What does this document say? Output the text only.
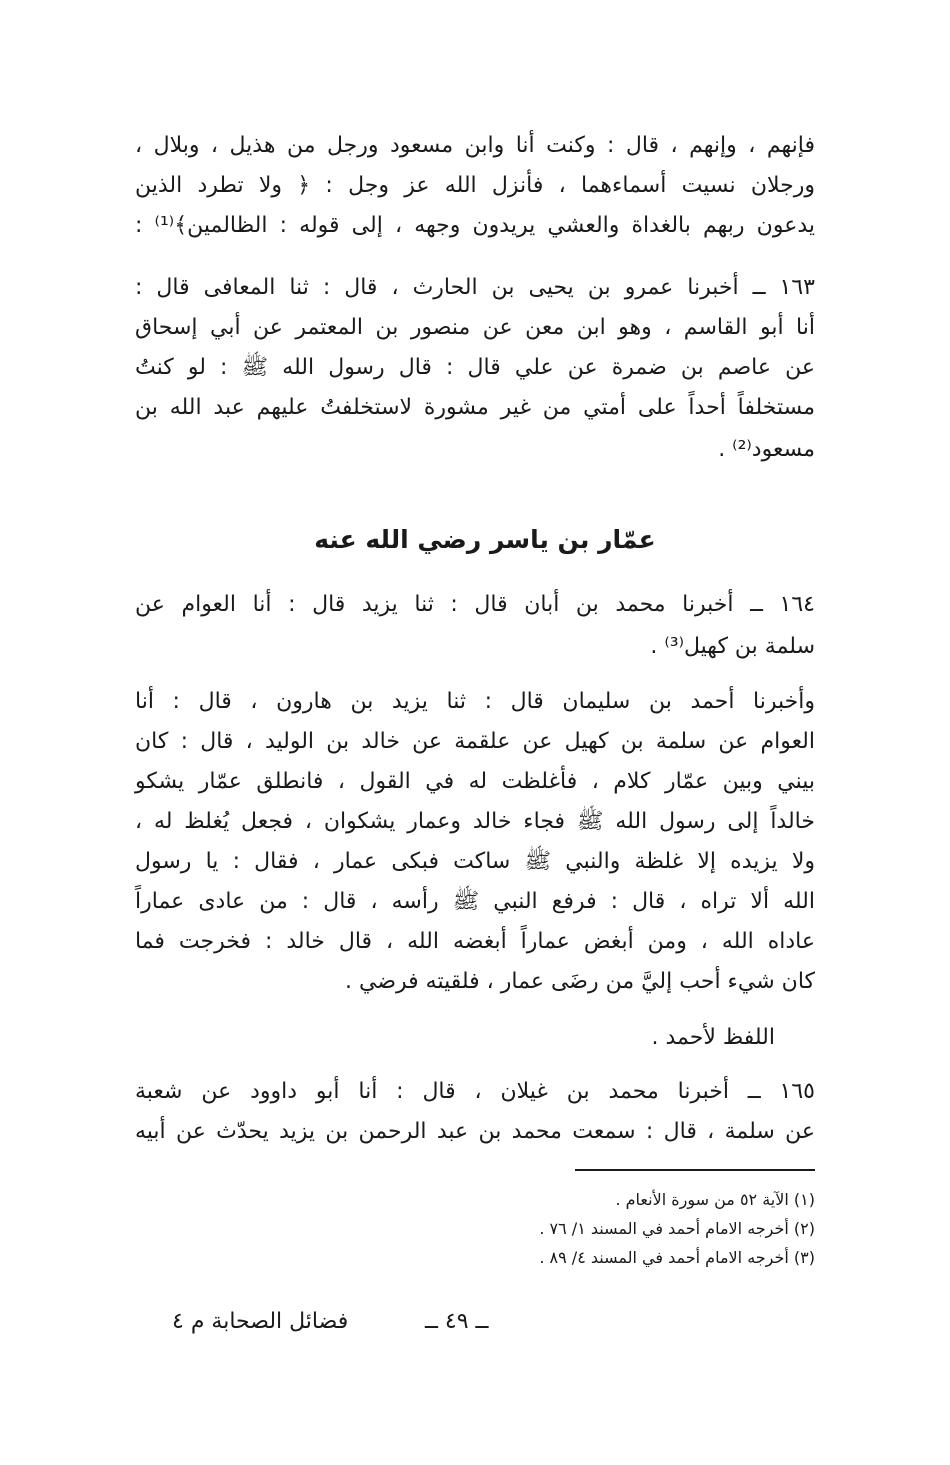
فإنهم ، وإنهم ، قال : وكنت أنا وابن مسعود ورجل من هذيل ، وبلال ،
ورجلان نسيت أسماءهما ، فأنزل الله عز وجل : ﴿ ولا تطرد الذين
يدعون ربهم بالغداة والعشي يريدون وجهه ، إلى قوله : الظالمين﴾⁽¹⁾ :
١٦٣ ــ أخبرنا عمرو بن يحيى بن الحارث ، قال : ثنا المعافى قال :
أنا أبو القاسم ، وهو ابن معن عن منصور بن المعتمر عن أبي إسحاق
عن عاصم بن ضمرة عن علي قال : قال رسول الله ﷺ : لو كنتُ
مستخلفاً أحداً على أمتي من غير مشورة لاستخلفتُ عليهم عبد الله بن
مسعود⁽²⁾ .
عمّار بن ياسر رضي الله عنه
١٦٤ ــ أخبرنا محمد بن أبان قال : ثنا يزيد قال : أنا العوام عن
سلمة بن كهيل⁽³⁾ .
وأخبرنا أحمد بن سليمان قال : ثنا يزيد بن هارون ، قال : أنا
العوام عن سلمة بن كهيل عن علقمة عن خالد بن الوليد ، قال : كان
بيني وبين عمّار كلام ، فأغلظت له في القول ، فانطلق عمّار يشكو
خالداً إلى رسول الله ﷺ فجاء خالد وعمار يشكوان ، فجعل يُغلظ له ،
ولا يزيده إلا غلظة والنبي ﷺ ساكت فبكى عمار ، فقال : يا رسول
الله ألا تراه ، قال : فرفع النبي ﷺ رأسه ، قال : من عادى عماراً
عاداه الله ، ومن أبغض عماراً أبغضه الله ، قال خالد : فخرجت فما
كان شيء أحب إليَّ من رضَى عمار ، فلقيته فرضي .
اللفظ لأحمد .
١٦٥ ــ أخبرنا محمد بن غيلان ، قال : أنا أبو داوود عن شعبة
عن سلمة ، قال : سمعت محمد بن عبد الرحمن بن يزيد يحدّث عن أبيه
(١) الآية ٥٢ من سورة الأنعام .
(٢) أخرجه الامام أحمد في المسند ١/ ٧٦ .
(٣) أخرجه الامام أحمد في المسند ٤/ ٨٩ .
ــ ٤٩ ــ
فضائل الصحابة م ٤
